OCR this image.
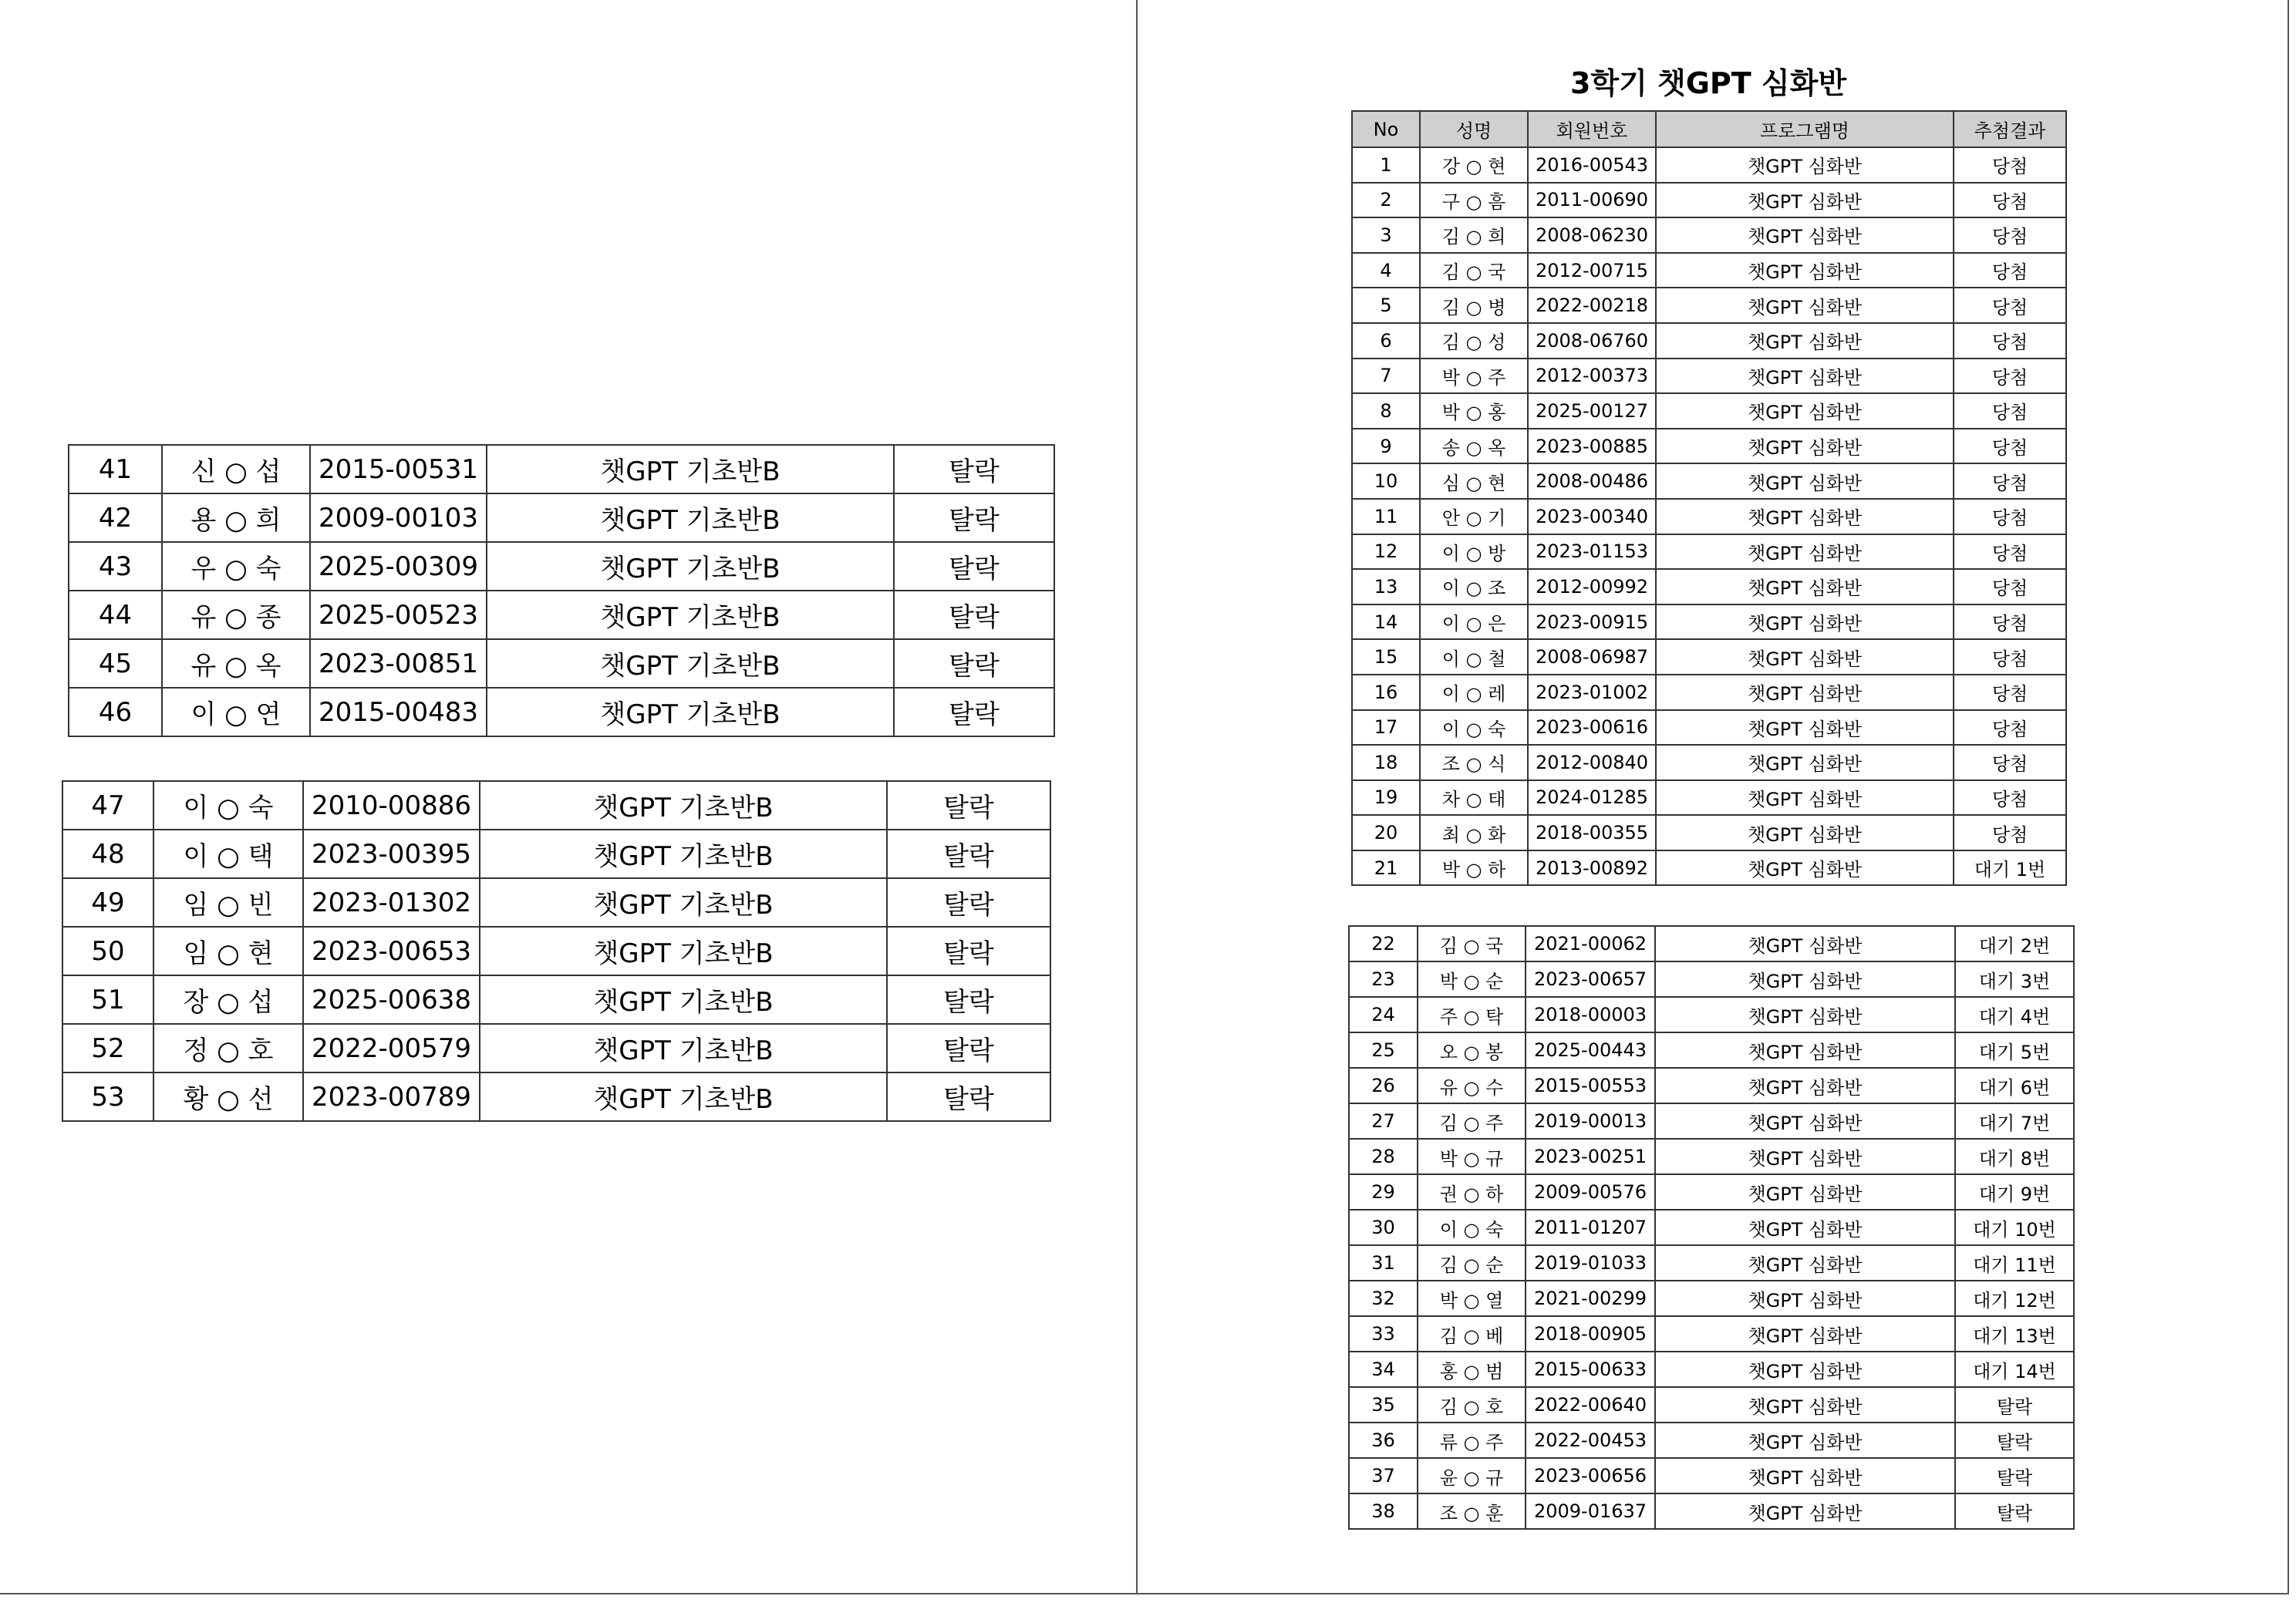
3학기 챗GPT 심화반
41	신 ○ 섭	2015-00531	챗GPT 기초반B	탈락
42	용 ○ 희	2009-00103	챗GPT 기초반B	탈락
43	우 ○ 숙	2025-00309	챗GPT 기초반B	탈락
44	유 ○ 종	2025-00523	챗GPT 기초반B	탈락
45	유 ○ 옥	2023-00851	챗GPT 기초반B	탈락
46	이 ○ 연	2015-00483	챗GPT 기초반B	탈락
47	이 ○ 숙	2010-00886	챗GPT 기초반B	탈락
48	이 ○ 택	2023-00395	챗GPT 기초반B	탈락
49	임 ○ 빈	2023-01302	챗GPT 기초반B	탈락
50	임 ○ 현	2023-00653	챗GPT 기초반B	탈락
51	장 ○ 섭	2025-00638	챗GPT 기초반B	탈락
52	정 ○ 호	2022-00579	챗GPT 기초반B	탈락
53	황 ○ 선	2023-00789	챗GPT 기초반B	탈락
No	성명	회원번호	프로그램명	추첨결과
1	강 ○ 현	2016-00543	챗GPT 심화반	당첨
2	구 ○ 흠	2011-00690	챗GPT 심화반	당첨
3	김 ○ 희	2008-06230	챗GPT 심화반	당첨
4	김 ○ 국	2012-00715	챗GPT 심화반	당첨
5	김 ○ 병	2022-00218	챗GPT 심화반	당첨
6	김 ○ 성	2008-06760	챗GPT 심화반	당첨
7	박 ○ 주	2012-00373	챗GPT 심화반	당첨
8	박 ○ 홍	2025-00127	챗GPT 심화반	당첨
9	송 ○ 옥	2023-00885	챗GPT 심화반	당첨
10	심 ○ 현	2008-00486	챗GPT 심화반	당첨
11	안 ○ 기	2023-00340	챗GPT 심화반	당첨
12	이 ○ 방	2023-01153	챗GPT 심화반	당첨
13	이 ○ 조	2012-00992	챗GPT 심화반	당첨
14	이 ○ 은	2023-00915	챗GPT 심화반	당첨
15	이 ○ 철	2008-06987	챗GPT 심화반	당첨
16	이 ○ 레	2023-01002	챗GPT 심화반	당첨
17	이 ○ 숙	2023-00616	챗GPT 심화반	당첨
18	조 ○ 식	2012-00840	챗GPT 심화반	당첨
19	차 ○ 태	2024-01285	챗GPT 심화반	당첨
20	최 ○ 화	2018-00355	챗GPT 심화반	당첨
21	박 ○ 하	2013-00892	챗GPT 심화반	대기 1번
22	김 ○ 국	2021-00062	챗GPT 심화반	대기 2번
23	박 ○ 순	2023-00657	챗GPT 심화반	대기 3번
24	주 ○ 탁	2018-00003	챗GPT 심화반	대기 4번
25	오 ○ 봉	2025-00443	챗GPT 심화반	대기 5번
26	유 ○ 수	2015-00553	챗GPT 심화반	대기 6번
27	김 ○ 주	2019-00013	챗GPT 심화반	대기 7번
28	박 ○ 규	2023-00251	챗GPT 심화반	대기 8번
29	권 ○ 하	2009-00576	챗GPT 심화반	대기 9번
30	이 ○ 숙	2011-01207	챗GPT 심화반	대기 10번
31	김 ○ 순	2019-01033	챗GPT 심화반	대기 11번
32	박 ○ 열	2021-00299	챗GPT 심화반	대기 12번
33	김 ○ 베	2018-00905	챗GPT 심화반	대기 13번
34	홍 ○ 범	2015-00633	챗GPT 심화반	대기 14번
35	김 ○ 호	2022-00640	챗GPT 심화반	탈락
36	류 ○ 주	2022-00453	챗GPT 심화반	탈락
37	윤 ○ 규	2023-00656	챗GPT 심화반	탈락
38	조 ○ 훈	2009-01637	챗GPT 심화반	탈락
